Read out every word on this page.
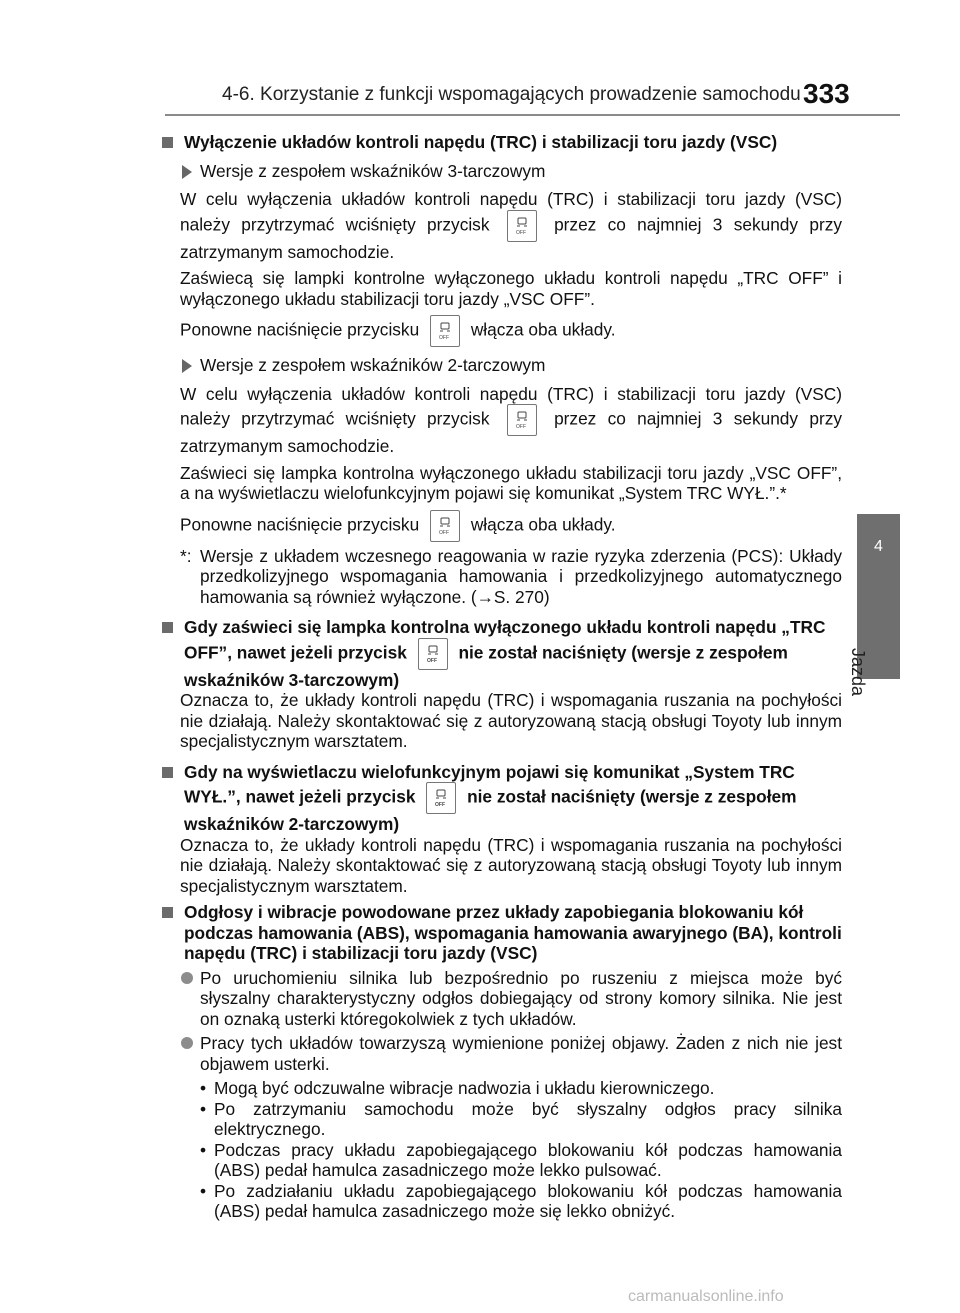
4-6. Korzystanie z funkcji wspomagających prowadzenie samochodu 333
4
Jazda
Wyłączenie układów kontroli napędu (TRC) i stabilizacji toru jazdy (VSC)
Wersje z zespołem wskaźników 3-tarczowym
W celu wyłączenia układów kontroli napędu (TRC) i stabilizacji toru jazdy (VSC) należy przytrzymać wciśnięty przycisk	OFF przez co najmniej 3 sekundy przy zatrzymanym samochodzie.
Zaświecą się lampki kontrolne wyłączonego układu kontroli napędu „TRC OFF” i wyłączonego układu stabilizacji toru jazdy „VSC OFF”.
Ponowne naciśnięcie przycisku	OFF włącza oba układy.
Wersje z zespołem wskaźników 2-tarczowym
W celu wyłączenia układów kontroli napędu (TRC) i stabilizacji toru jazdy (VSC) należy przytrzymać wciśnięty przycisk	OFF przez co najmniej 3 sekundy przy zatrzymanym samochodzie.
Zaświeci się lampka kontrolna wyłączonego układu stabilizacji toru jazdy „VSC OFF”, a na wyświetlaczu wielofunkcyjnym pojawi się komunikat „System TRC WYŁ.”.*
Ponowne naciśnięcie przycisku	OFF włącza oba układy.
*: Wersje z układem wczesnego reagowania w razie ryzyka zderzenia (PCS): Układy przedkolizyjnego wspomagania hamowania i przedkolizyjnego automatycznego hamowania są również wyłączone. (→S. 270)
Gdy zaświeci się lampka kontrolna wyłączonego układu kontroli napędu „TRC OFF”, nawet jeżeli przycisk	OFF nie został naciśnięty (wersje z zespołem wskaźników 3-tarczowym)
Oznacza to, że układy kontroli napędu (TRC) i wspomagania ruszania na pochyłości nie działają. Należy skontaktować się z autoryzowaną stacją obsługi Toyoty lub innym specjalistycznym warsztatem.
Gdy na wyświetlaczu wielofunkcyjnym pojawi się komunikat „System TRC WYŁ.”, nawet jeżeli przycisk	OFF nie został naciśnięty (wersje z zespołem wskaźników 2-tarczowym)
Oznacza to, że układy kontroli napędu (TRC) i wspomagania ruszania na pochyłości nie działają. Należy skontaktować się z autoryzowaną stacją obsługi Toyoty lub innym specjalistycznym warsztatem.
Odgłosy i wibracje powodowane przez układy zapobiegania blokowaniu kół podczas hamowania (ABS), wspomagania hamowania awaryjnego (BA), kontroli napędu (TRC) i stabilizacji toru jazdy (VSC)
Po uruchomieniu silnika lub bezpośrednio po ruszeniu z miejsca może być słyszalny charakterystyczny odgłos dobiegający od strony komory silnika. Nie jest on oznaką usterki któregokolwiek z tych układów.
Pracy tych układów towarzyszą wymienione poniżej objawy. Żaden z nich nie jest objawem usterki.
• Mogą być odczuwalne wibracje nadwozia i układu kierowniczego.
• Po zatrzymaniu samochodu może być słyszalny odgłos pracy silnika elektrycznego.
• Podczas pracy układu zapobiegającego blokowaniu kół podczas hamowania (ABS) pedał hamulca zasadniczego może lekko pulsować.
• Po zadziałaniu układu zapobiegającego blokowaniu kół podczas hamowania (ABS) pedał hamulca zasadniczego może się lekko obniżyć.
carmanualsonline.info
